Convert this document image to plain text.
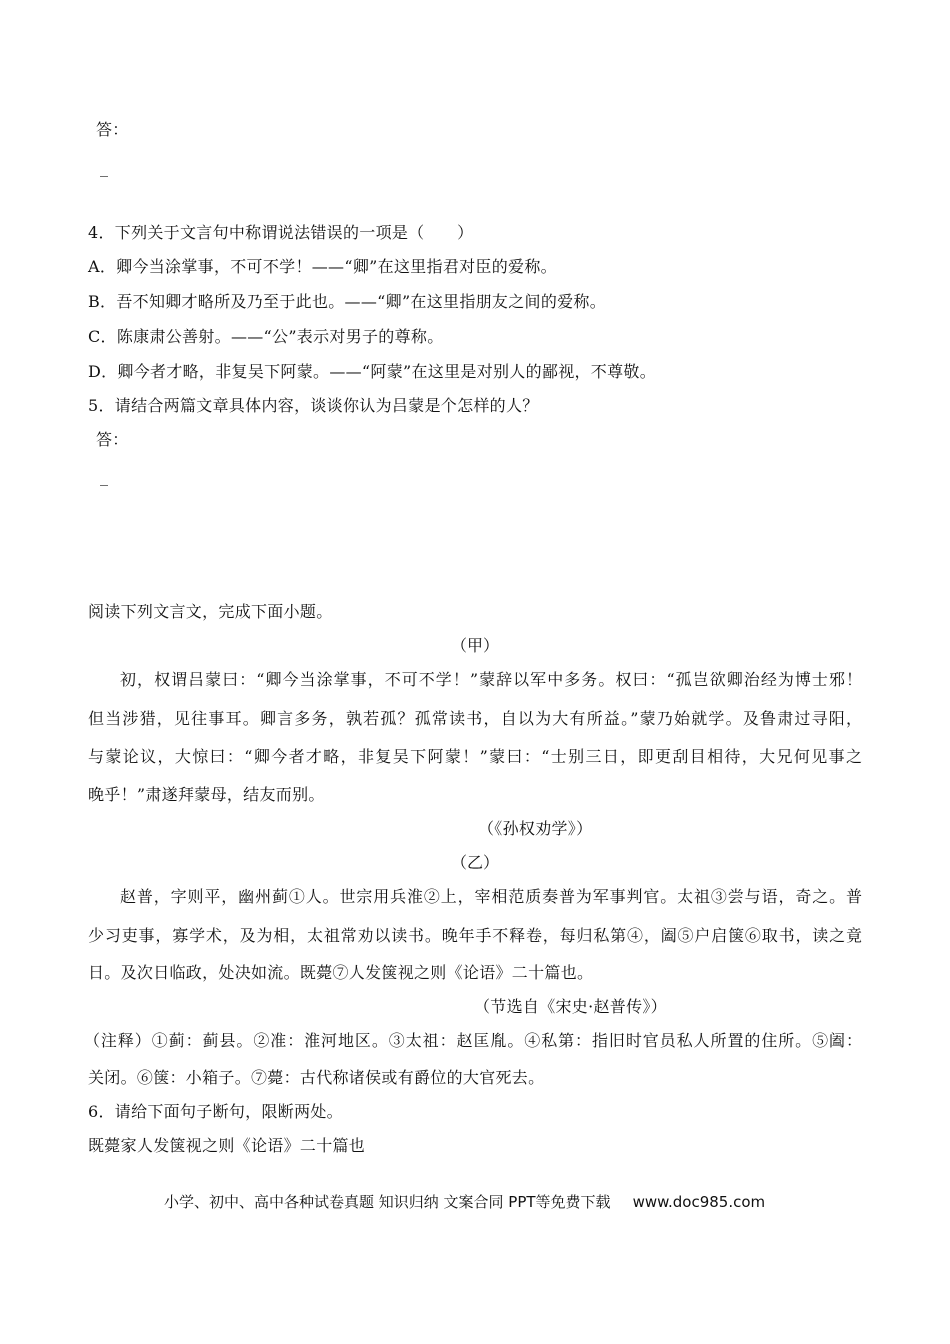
答：
_
4．下列关于文言句中称谓说法错误的一项是（　　）
A．卿今当涂掌事，不可不学！——“卿”在这里指君对臣的爱称。
B．吾不知卿才略所及乃至于此也。——“卿”在这里指朋友之间的爱称。
C．陈康肃公善射。——“公”表示对男子的尊称。
D．卿今者才略，非复吴下阿蒙。——“阿蒙”在这里是对别人的鄙视，不尊敬。
5．请结合两篇文章具体内容，谈谈你认为吕蒙是个怎样的人？
答：
_
阅读下列文言文，完成下面小题。
（甲）
初，权谓吕蒙曰：“卿今当涂掌事，不可不学！”蒙辞以军中多务。权曰：“孤岂欲卿治经为博士邪！
但当涉猎，见往事耳。卿言多务，孰若孤？孤常读书，自以为大有所益。”蒙乃始就学。及鲁肃过寻阳，
与蒙论议，大惊曰：“卿今者才略，非复吴下阿蒙！”蒙曰：“士别三日，即更刮目相待，大兄何见事之
晚乎！”肃遂拜蒙母，结友而别。
（《孙权劝学》）
（乙）
赵普，字则平，幽州蓟①人。世宗用兵淮②上，宰相范质奏普为军事判官。太祖③尝与语，奇之。普
少习吏事，寡学术，及为相，太祖常劝以读书。晚年手不释卷，每归私第④，阖⑤户启箧⑥取书，读之竟
日。及次日临政，处决如流。既薨⑦人发箧视之则《论语》二十篇也。
（节选自《宋史·赵普传》）
（注释）①蓟：蓟县。②准：淮河地区。③太祖：赵匡胤。④私第：指旧时官员私人所置的住所。⑤阖：
关闭。⑥箧：小箱子。⑦薨：古代称诸侯或有爵位的大官死去。
6．请给下面句子断句，限断两处。
既薨家人发箧视之则《论语》二十篇也
小学、初中、高中各种试卷真题 知识归纳 文案合同 PPT等免费下载 www.doc985.com
